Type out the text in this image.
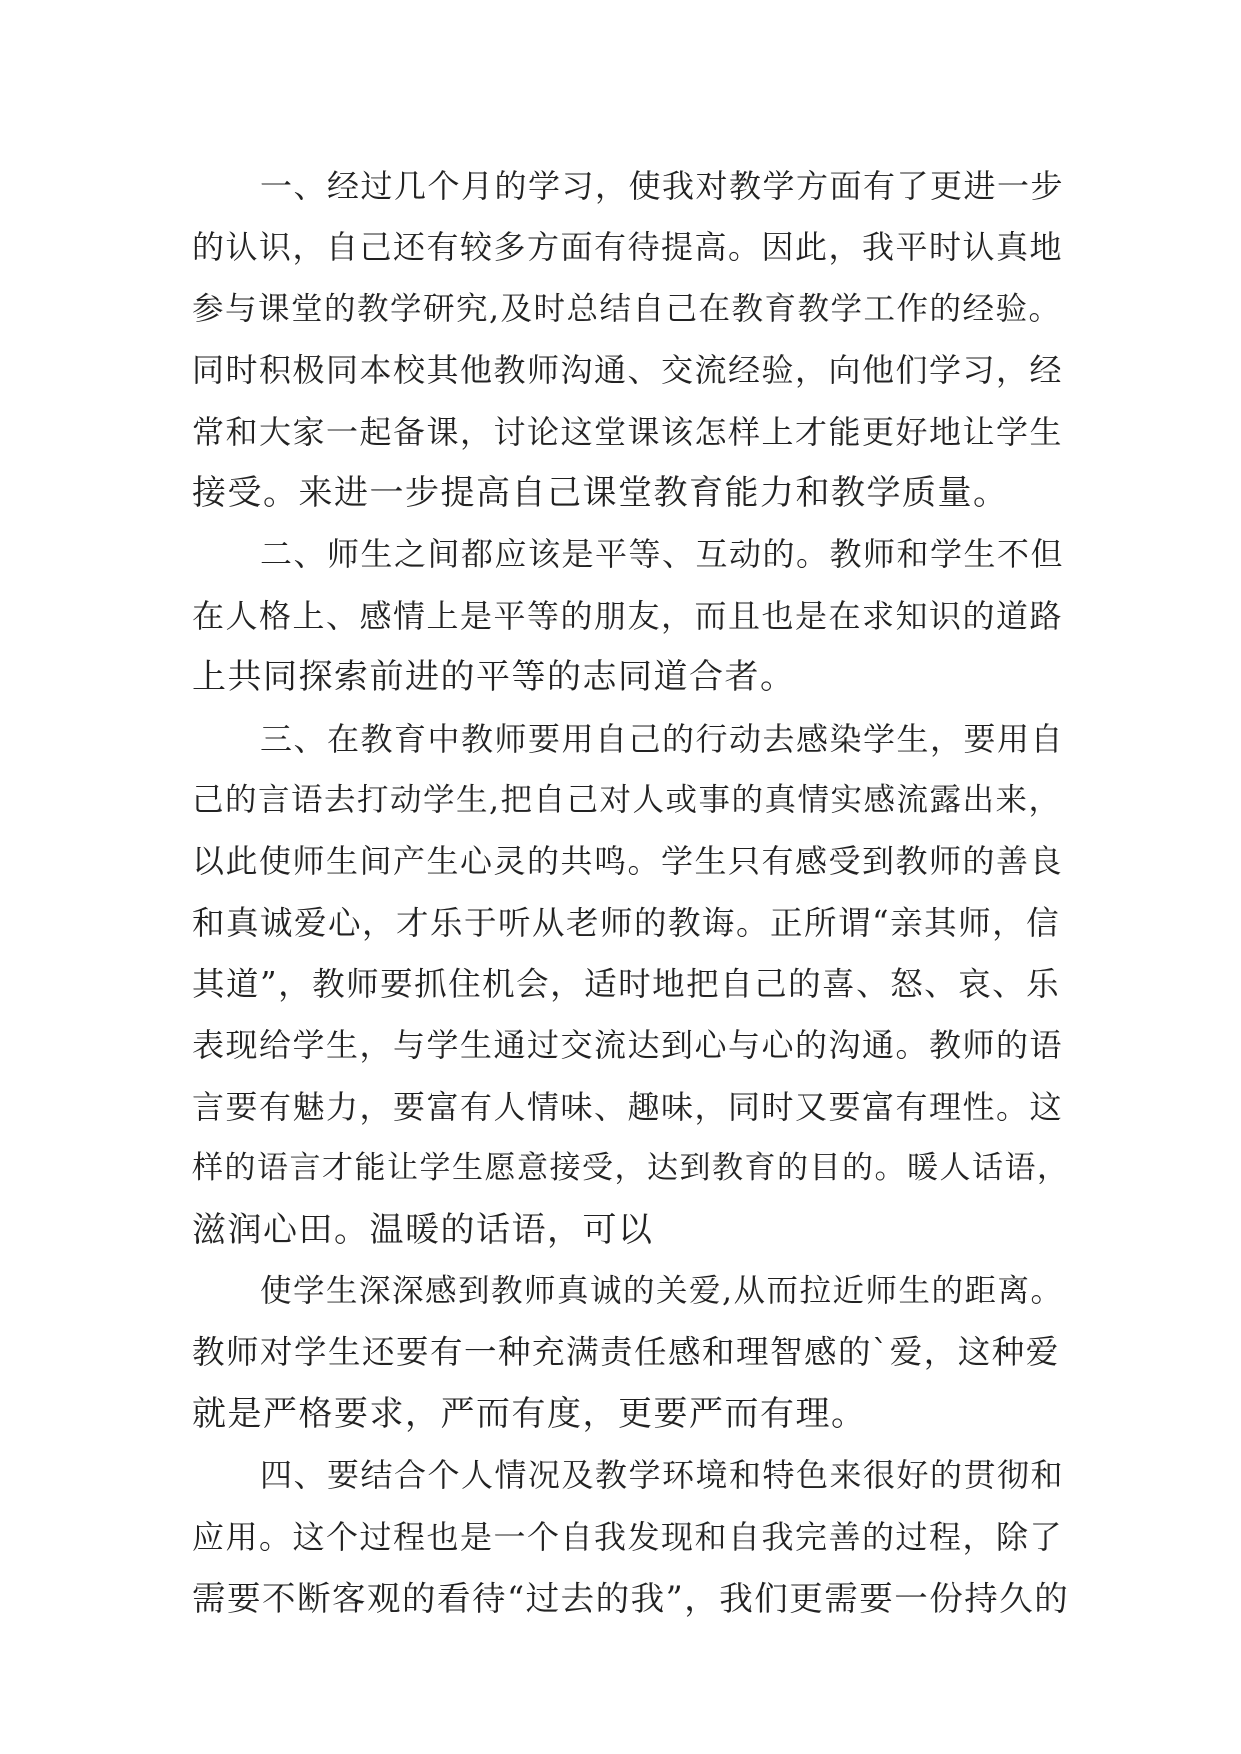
一、经过几个月的学习，使我对教学方面有了更进一步
的认识，自己还有较多方面有待提高。因此，我平时认真地
参与课堂的教学研究,及时总结自己在教育教学工作的经验。
同时积极同本校其他教师沟通、交流经验，向他们学习，经
常和大家一起备课，讨论这堂课该怎样上才能更好地让学生
接受。来进一步提高自己课堂教育能力和教学质量。
二、师生之间都应该是平等、互动的。教师和学生不但
在人格上、感情上是平等的朋友，而且也是在求知识的道路
上共同探索前进的平等的志同道合者。
三、在教育中教师要用自己的行动去感染学生，要用自
己的言语去打动学生,把自己对人或事的真情实感流露出来，
以此使师生间产生心灵的共鸣。学生只有感受到教师的善良
和真诚爱心，才乐于听从老师的教诲。正所谓“亲其师，信
其道”，教师要抓住机会，适时地把自己的喜、怒、哀、乐
表现给学生，与学生通过交流达到心与心的沟通。教师的语
言要有魅力，要富有人情味、趣味，同时又要富有理性。这
样的语言才能让学生愿意接受，达到教育的目的。暖人话语，
滋润心田。温暖的话语，可以
使学生深深感到教师真诚的关爱,从而拉近师生的距离。
教师对学生还要有一种充满责任感和理智感的`爱，这种爱
就是严格要求，严而有度，更要严而有理。
四、要结合个人情况及教学环境和特色来很好的贯彻和
应用。这个过程也是一个自我发现和自我完善的过程，除了
需要不断客观的看待“过去的我”，我们更需要一份持久的
